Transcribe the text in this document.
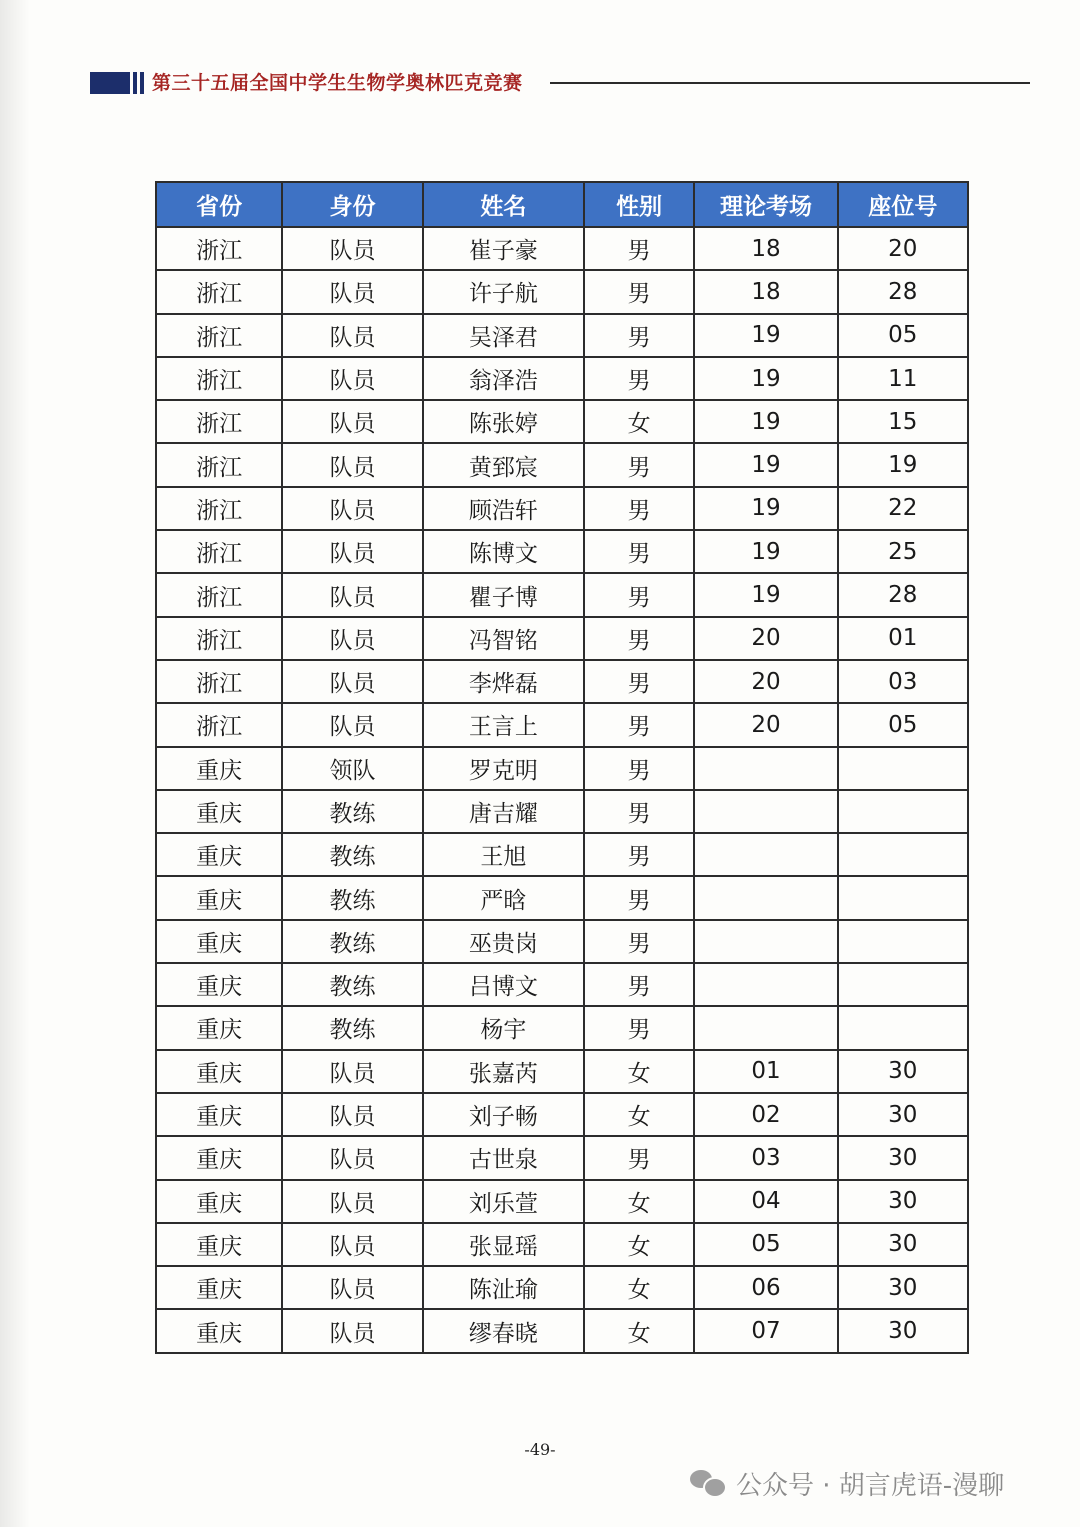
第三十五届全国中学生生物学奥林匹克竞赛
省份	身份	姓名	性别	理论考场	座位号
浙江	队员	崔子豪	男	18	20
浙江	队员	许子航	男	18	28
浙江	队员	吴泽君	男	19	05
浙江	队员	翁泽浩	男	19	11
浙江	队员	陈张婷	女	19	15
浙江	队员	黄郅宸	男	19	19
浙江	队员	顾浩轩	男	19	22
浙江	队员	陈博文	男	19	25
浙江	队员	瞿子博	男	19	28
浙江	队员	冯智铭	男	20	01
浙江	队员	李烨磊	男	20	03
浙江	队员	王言上	男	20	05
重庆	领队	罗克明	男		
重庆	教练	唐吉耀	男		
重庆	教练	王旭	男		
重庆	教练	严晗	男		
重庆	教练	巫贵岗	男		
重庆	教练	吕博文	男		
重庆	教练	杨宇	男		
重庆	队员	张嘉芮	女	01	30
重庆	队员	刘子畅	女	02	30
重庆	队员	古世泉	男	03	30
重庆	队员	刘乐萱	女	04	30
重庆	队员	张显瑶	女	05	30
重庆	队员	陈沚瑜	女	06	30
重庆	队员	缪春晓	女	07	30
-49-
公众号 · 胡言虎语-漫聊
